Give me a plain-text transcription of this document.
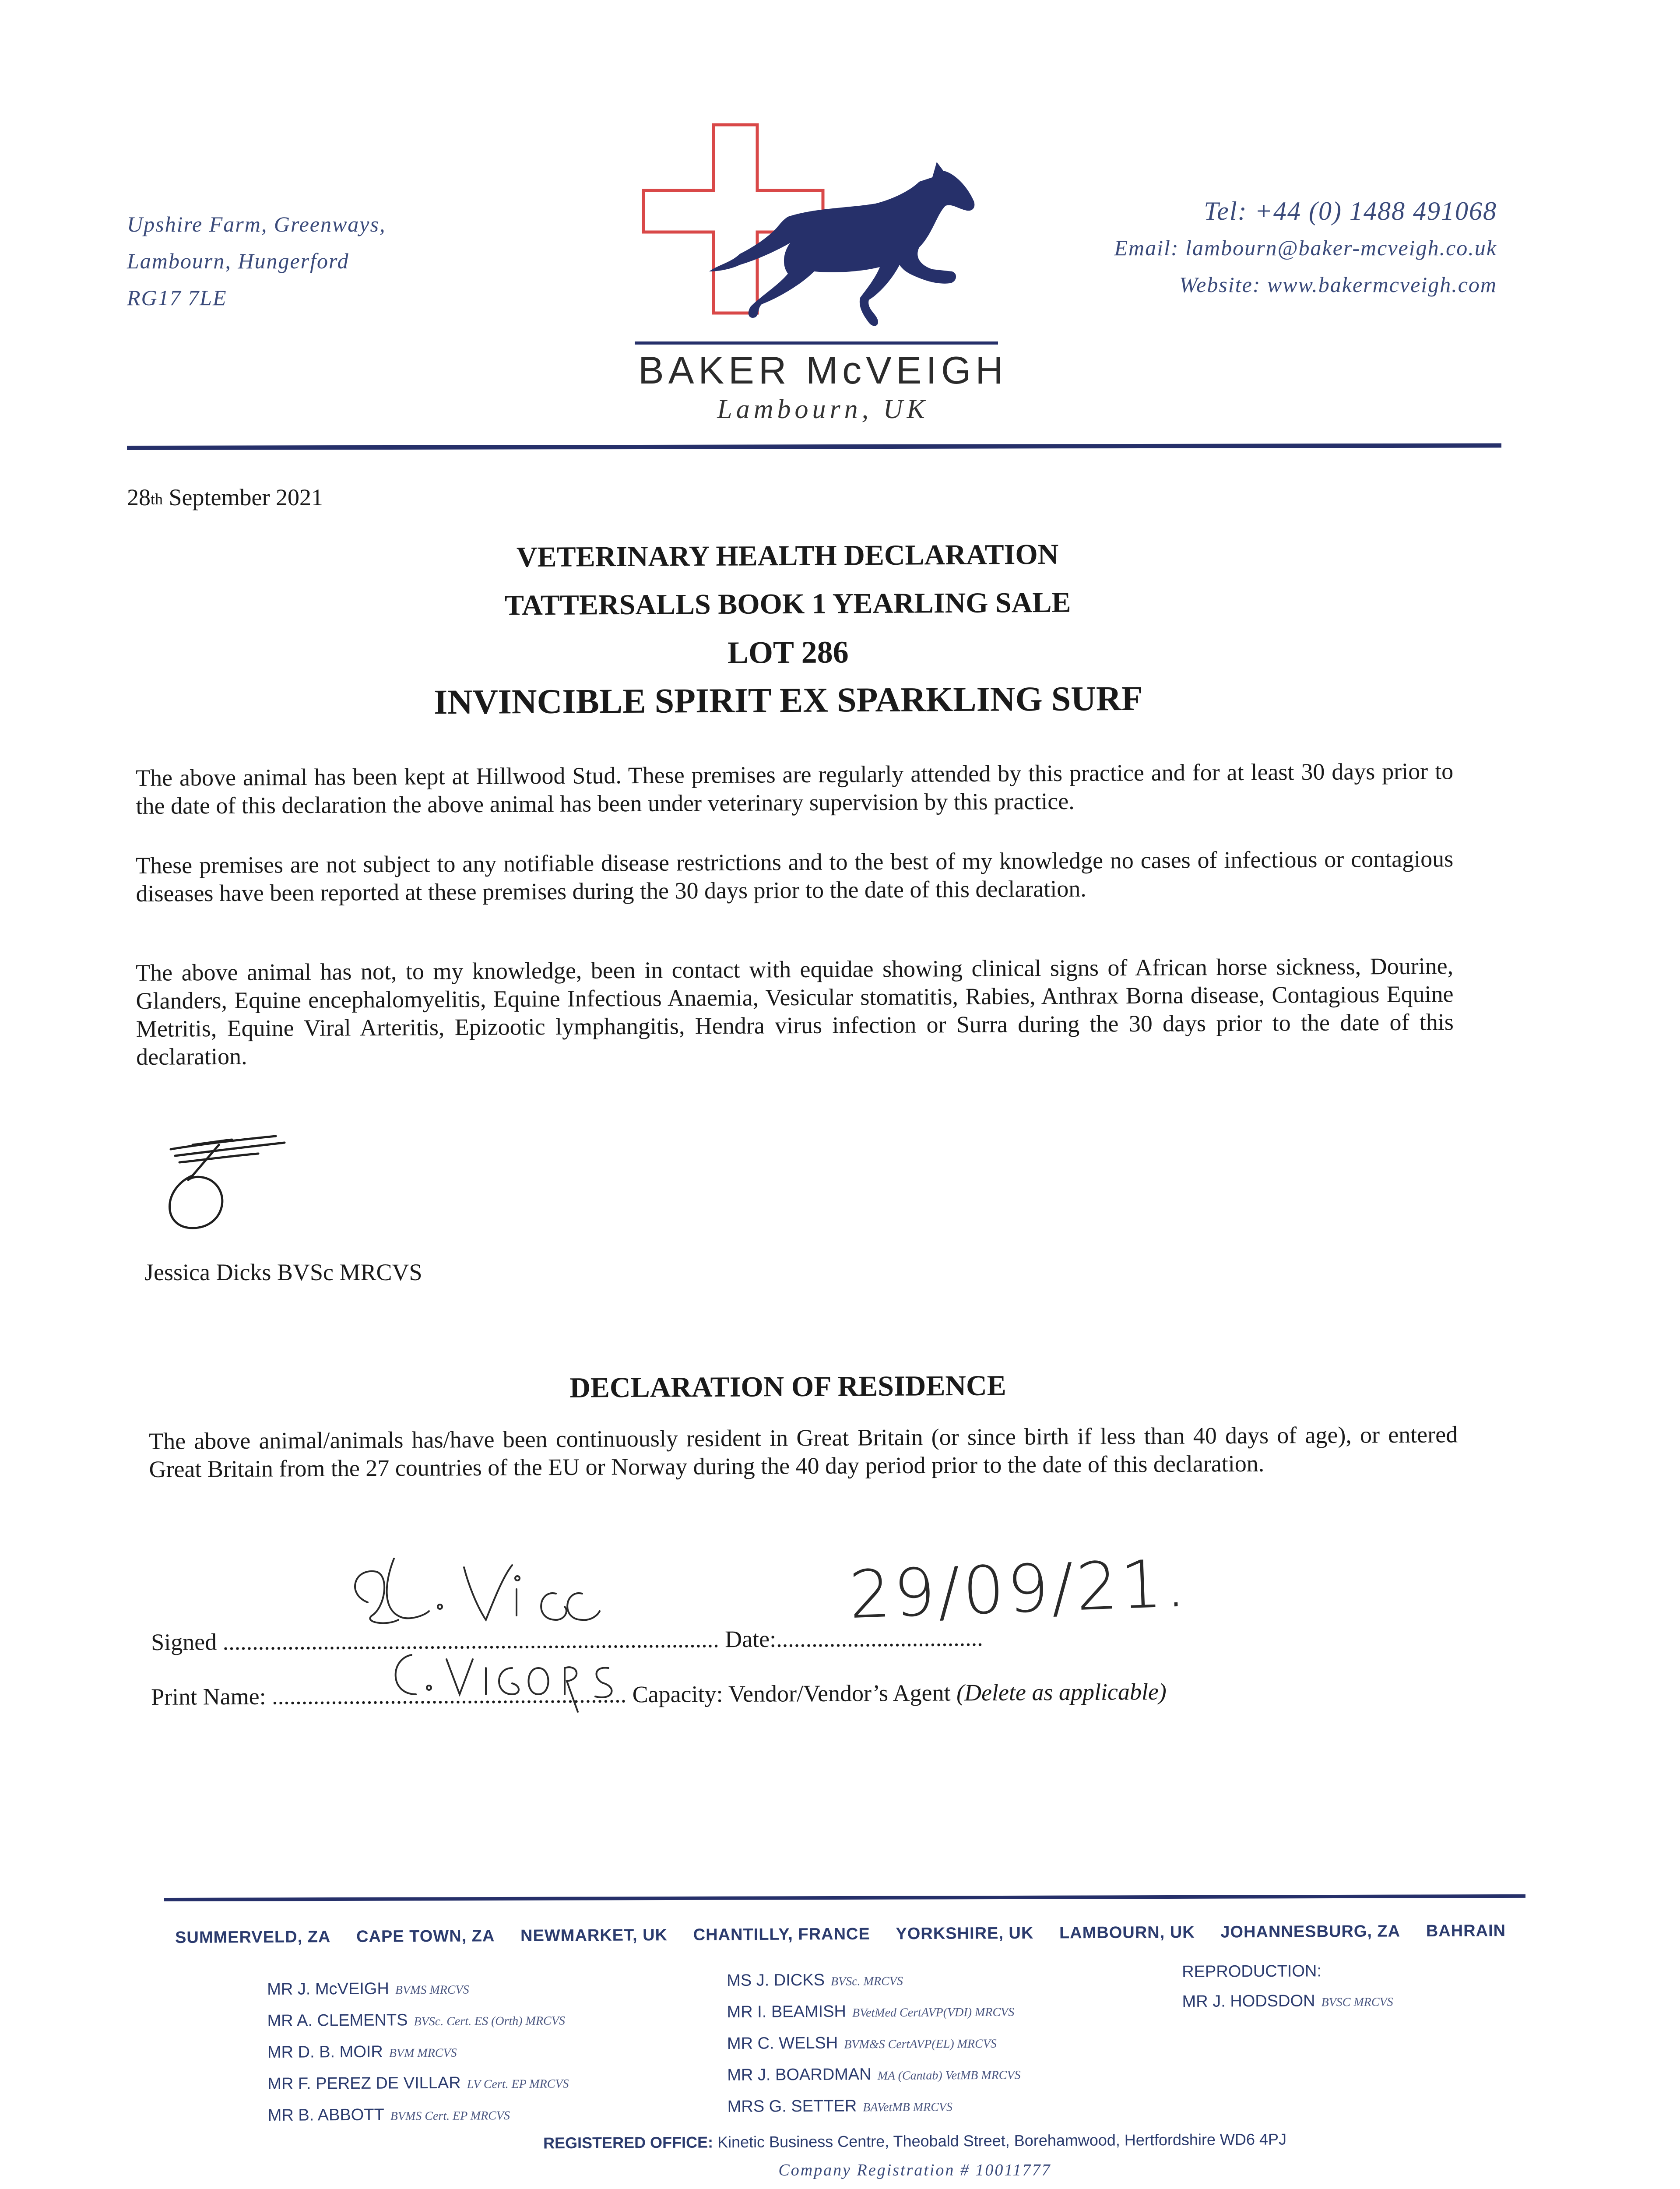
Upshire Farm, Greenways,
Lambourn, Hungerford
RG17 7LE
Tel: +44 (0) 1488 491068
Email: lambourn@baker-mcveigh.co.uk
Website: www.bakermcveigh.com
BAKER McVEIGH
Lambourn, UK
28th September 2021
VETERINARY HEALTH DECLARATION
TATTERSALLS BOOK 1 YEARLING SALE
LOT 286
INVINCIBLE SPIRIT EX SPARKLING SURF
The above animal has been kept at Hillwood Stud. These premises are regularly attended by this practice and for at least 30 days prior to the date of this declaration the above animal has been under veterinary supervision by this practice.
These premises are not subject to any notifiable disease restrictions and to the best of my knowledge no cases of infectious or contagious diseases have been reported at these premises during the 30 days prior to the date of this declaration.
The above animal has not, to my knowledge, been in contact with equidae showing clinical signs of African horse sickness, Dourine, Glanders, Equine encephalomyelitis, Equine Infectious Anaemia, Vesicular stomatitis, Rabies, Anthrax Borna disease, Contagious Equine Metritis, Equine Viral Arteritis, Epizootic lymphangitis, Hendra virus infection or Surra during the 30 days prior to the date of this declaration.
Jessica Dicks BVSc MRCVS
DECLARATION OF RESIDENCE
The above animal/animals has/have been continuously resident in Great Britain (or since birth if less than 40 days of age), or entered Great Britain from the 27 countries of the EU or Norway during the 40 day period prior to the date of this declaration.
29/09/21.
Signed .................................................................................... Date:...................................
Print Name: ............................................................ Capacity: Vendor/Vendor’s Agent (Delete as applicable)
SUMMERVELD, ZA CAPE TOWN, ZA NEWMARKET, UK CHANTILLY, FRANCE YORKSHIRE, UK LAMBOURN, UK JOHANNESBURG, ZA BAHRAIN
MR J. McVEIGH BVMS MRCVS
MR A. CLEMENTS BVSc. Cert. ES (Orth) MRCVS
MR D. B. MOIR BVM MRCVS
MR F. PEREZ DE VILLAR LV Cert. EP MRCVS
MR B. ABBOTT BVMS Cert. EP MRCVS
MS J. DICKS BVSc. MRCVS
MR I. BEAMISH BVetMed CertAVP(VDI) MRCVS
MR C. WELSH BVM&S CertAVP(EL) MRCVS
MR J. BOARDMAN MA (Cantab) VetMB MRCVS
MRS G. SETTER BAVetMB MRCVS
REPRODUCTION:
MR J. HODSDON BVSC MRCVS
REGISTERED OFFICE: Kinetic Business Centre, Theobald Street, Borehamwood, Hertfordshire WD6 4PJ
Company Registration # 10011777
